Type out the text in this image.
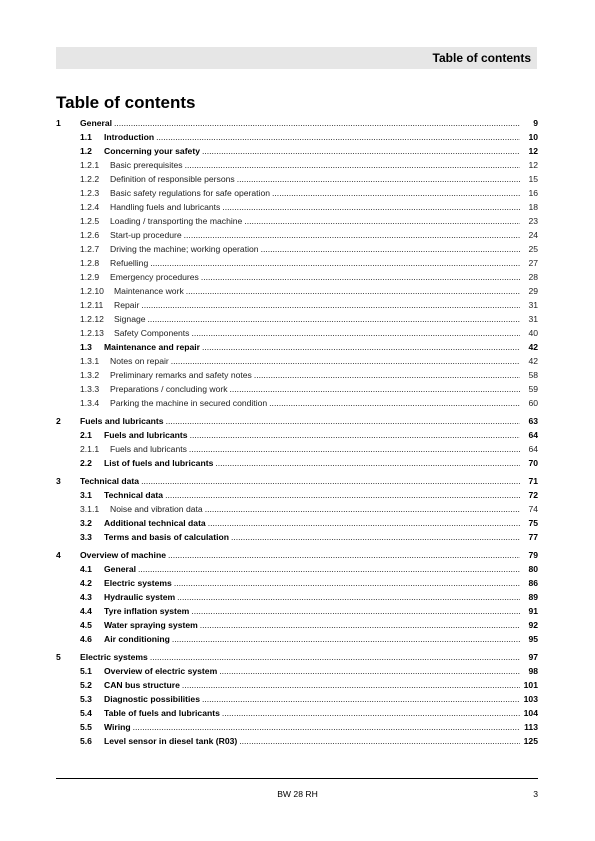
Table of contents
Table of contents
1 General .....	9
1.1 Introduction .....	10
1.2 Concerning your safety .....	12
1.2.1 Basic prerequisites .....	12
1.2.2 Definition of responsible persons .....	15
1.2.3 Basic safety regulations for safe operation .....	16
1.2.4 Handling fuels and lubricants .....	18
1.2.5 Loading / transporting the machine .....	23
1.2.6 Start-up procedure .....	24
1.2.7 Driving the machine; working operation .....	25
1.2.8 Refuelling .....	27
1.2.9 Emergency procedures .....	28
1.2.10 Maintenance work .....	29
1.2.11 Repair .....	31
1.2.12 Signage .....	31
1.2.13 Safety Components .....	40
1.3 Maintenance and repair .....	42
1.3.1 Notes on repair .....	42
1.3.2 Preliminary remarks and safety notes .....	58
1.3.3 Preparations / concluding work .....	59
1.3.4 Parking the machine in secured condition .....	60
2 Fuels and lubricants .....	63
2.1 Fuels and lubricants .....	64
2.1.1 Fuels and lubricants .....	64
2.2 List of fuels and lubricants .....	70
3 Technical data .....	71
3.1 Technical data .....	72
3.1.1 Noise and vibration data .....	74
3.2 Additional technical data .....	75
3.3 Terms and basis of calculation .....	77
4 Overview of machine .....	79
4.1 General .....	80
4.2 Electric systems .....	86
4.3 Hydraulic system .....	89
4.4 Tyre inflation system .....	91
4.5 Water spraying system .....	92
4.6 Air conditioning .....	95
5 Electric systems .....	97
5.1 Overview of electric system .....	98
5.2 CAN bus structure .....	101
5.3 Diagnostic possibilities .....	103
5.4 Table of fuels and lubricants .....	104
5.5 Wiring .....	113
5.6 Level sensor in diesel tank (R03) .....	125
BW 28 RH	3
